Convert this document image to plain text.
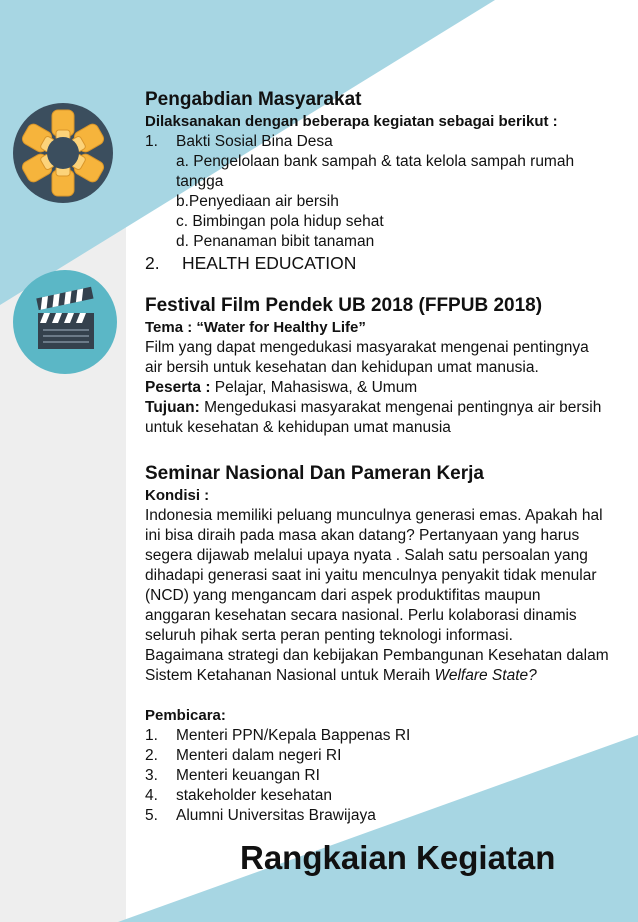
Pengabdian Masyarakat
Dilaksanakan dengan beberapa kegiatan sebagai berikut :
1.	Bakti Sosial Bina Desa
a. Pengelolaan bank sampah & tata kelola sampah rumah
tangga
b.Penyediaan air bersih
c. Bimbingan pola hidup sehat
d. Penanaman bibit tanaman
2.	HEALTH EDUCATION
Festival Film Pendek UB 2018 (FFPUB 2018)
Tema : “Water for Healthy Life”
Film yang dapat mengedukasi masyarakat mengenai pentingnya
air bersih untuk kesehatan dan kehidupan umat manusia.
Peserta : Pelajar, Mahasiswa, & Umum
Tujuan: Mengedukasi masyarakat mengenai pentingnya air bersih
untuk kesehatan & kehidupan umat manusia
Seminar Nasional Dan Pameran Kerja
Kondisi :
Indonesia memiliki peluang munculnya generasi emas. Apakah hal
ini bisa diraih pada masa akan datang? Pertanyaan yang harus
segera dijawab melalui upaya nyata . Salah satu persoalan yang
dihadapi generasi saat ini yaitu menculnya penyakit tidak menular
(NCD) yang mengancam dari aspek produktifitas maupun
anggaran kesehatan secara nasional. Perlu kolaborasi dinamis
seluruh pihak serta peran penting teknologi informasi.
Bagaimana strategi dan kebijakan Pembangunan Kesehatan dalam
Sistem Ketahanan Nasional untuk Meraih Welfare State?
Pembicara:
1.	Menteri PPN/Kepala Bappenas RI
2.	Menteri dalam negeri RI
3.	Menteri keuangan RI
4.	stakeholder kesehatan
5.	Alumni Universitas Brawijaya
Rangkaian Kegiatan
